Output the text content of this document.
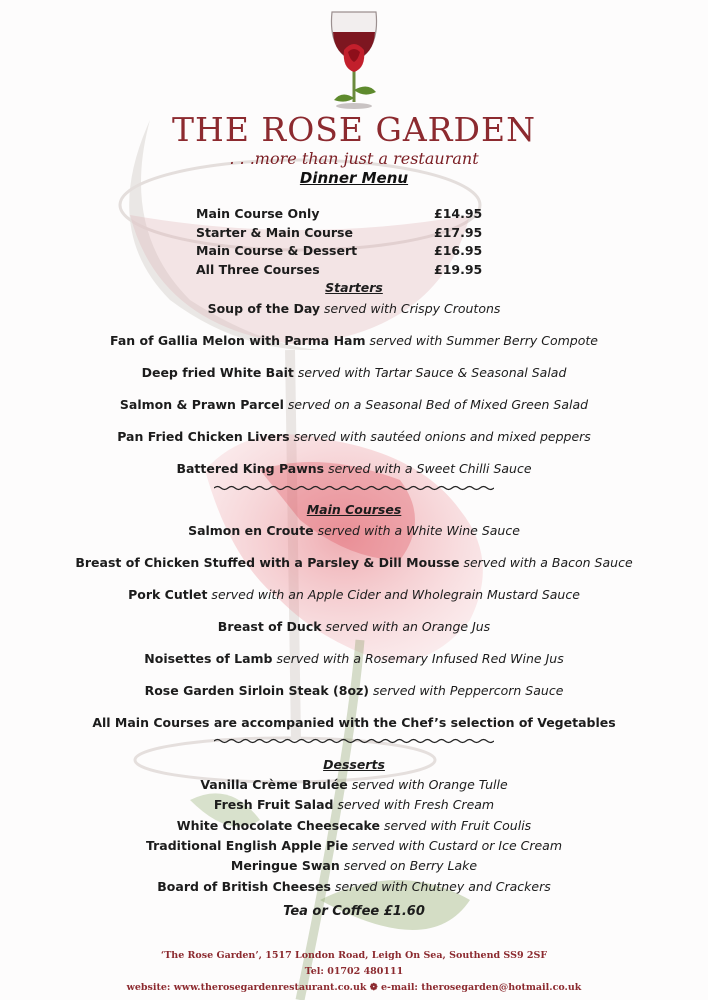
THE ROSE GARDEN
. . .more than just a restaurant
Dinner Menu
Main Course Only	£14.95
Starter & Main Course	£17.95
Main Course & Dessert	£16.95
All Three Courses	£19.95
Starters
Soup of the Day served with Crispy Croutons
Fan of Gallia Melon with Parma Ham served with Summer Berry Compote
Deep fried White Bait served with Tartar Sauce & Seasonal Salad
Salmon & Prawn Parcel served on a Seasonal Bed of Mixed Green Salad
Pan Fried Chicken Livers served with sautéed onions and mixed peppers
Battered King Pawns served with a Sweet Chilli Sauce
Main Courses
Salmon en Croute served with a White Wine Sauce
Breast of Chicken Stuffed with a Parsley & Dill Mousse served with a Bacon Sauce
Pork Cutlet served with an Apple Cider and Wholegrain Mustard Sauce
Breast of Duck served with an Orange Jus
Noisettes of Lamb served with a Rosemary Infused Red Wine Jus
Rose Garden Sirloin Steak (8oz) served with Peppercorn Sauce
All Main Courses are accompanied with the Chef’s selection of Vegetables
Desserts
Vanilla Crème Brulée served with Orange Tulle
Fresh Fruit Salad served with Fresh Cream
White Chocolate Cheesecake served with Fruit Coulis
Traditional English Apple Pie served with Custard or Ice Cream
Meringue Swan served on Berry Lake
Board of British Cheeses served with Chutney and Crackers
Tea or Coffee £1.60
‘The Rose Garden’, 1517 London Road, Leigh On Sea, Southend SS9 2SF
Tel: 01702 480111
website: www.therosegardenrestaurant.co.uk ❁ e-mail: therosegarden@hotmail.co.uk
